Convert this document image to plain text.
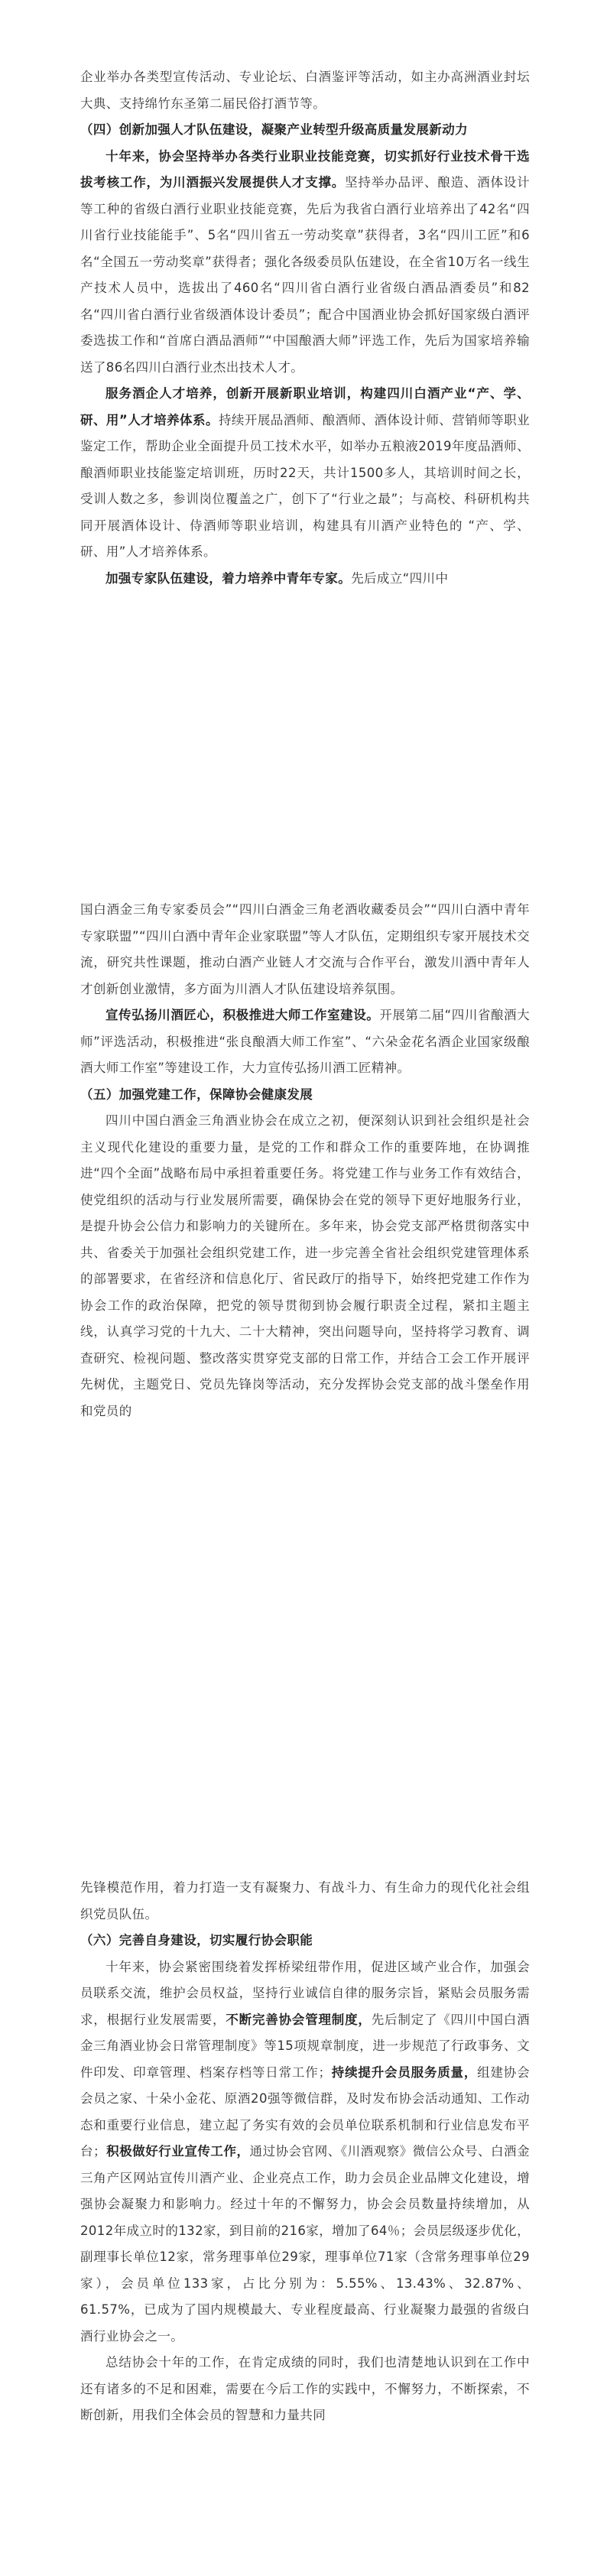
企业举办各类型宣传活动、专业论坛、白酒鉴评等活动，如主办高洲酒业封坛大典、支持绵竹东圣第二届民俗打酒节等。

（四）创新加强人才队伍建设，凝聚产业转型升级高质量发展新动力

十年来，协会坚持举办各类行业职业技能竞赛，切实抓好行业技术骨干选拔考核工作，为川酒振兴发展提供人才支撑。坚持举办品评、酿造、酒体设计等工种的省级白酒行业职业技能竞赛，先后为我省白酒行业培养出了42名“四川省行业技能能手”、5名“四川省五一劳动奖章”获得者，3名“四川工匠”和6名“全国五一劳动奖章”获得者；强化各级委员队伍建设，在全省10万名一线生产技术人员中，选拔出了460名“四川省白酒行业省级白酒品酒委员”和82名“四川省白酒行业省级酒体设计委员”；配合中国酒业协会抓好国家级白酒评委选拔工作和“首席白酒品酒师”“中国酿酒大师”评选工作，先后为国家培养输送了86名四川白酒行业杰出技术人才。

服务酒企人才培养，创新开展新职业培训，构建四川白酒产业“产、学、研、用”人才培养体系。持续开展品酒师、酿酒师、酒体设计师、营销师等职业鉴定工作，帮助企业全面提升员工技术水平，如举办五粮液2019年度品酒师、酿酒师职业技能鉴定培训班，历时22天，共计1500多人，其培训时间之长，受训人数之多，参训岗位覆盖之广，创下了“行业之最”；与高校、科研机构共同开展酒体设计、侍酒师等职业培训，构建具有川酒产业特色的 “产、学、研、用”人才培养体系。

加强专家队伍建设，着力培养中青年专家。先后成立“四川中

国白酒金三角专家委员会”“四川白酒金三角老酒收藏委员会”“四川白酒中青年专家联盟”“四川白酒中青年企业家联盟”等人才队伍，定期组织专家开展技术交流，研究共性课题，推动白酒产业链人才交流与合作平台，激发川酒中青年人才创新创业激情，多方面为川酒人才队伍建设培养氛围。

宣传弘扬川酒匠心，积极推进大师工作室建设。开展第二届“四川省酿酒大师”评选活动，积极推进“张良酿酒大师工作室”、“六朵金花名酒企业国家级酿酒大师工作室”等建设工作，大力宣传弘扬川酒工匠精神。

（五）加强党建工作，保障协会健康发展

四川中国白酒金三角酒业协会在成立之初，便深刻认识到社会组织是社会主义现代化建设的重要力量，是党的工作和群众工作的重要阵地，在协调推进“四个全面”战略布局中承担着重要任务。将党建工作与业务工作有效结合，使党组织的活动与行业发展所需要，确保协会在党的领导下更好地服务行业，是提升协会公信力和影响力的关键所在。多年来，协会党支部严格贯彻落实中共、省委关于加强社会组织党建工作，进一步完善全省社会组织党建管理体系的部署要求，在省经济和信息化厅、省民政厅的指导下，始终把党建工作作为协会工作的政治保障，把党的领导贯彻到协会履行职责全过程，紧扣主题主线，认真学习党的十九大、二十大精神，突出问题导向，坚持将学习教育、调查研究、检视问题、整改落实贯穿党支部的日常工作，并结合工会工作开展评先树优，主题党日、党员先锋岗等活动，充分发挥协会党支部的战斗堡垒作用和党员的

先锋模范作用，着力打造一支有凝聚力、有战斗力、有生命力的现代化社会组织党员队伍。

（六）完善自身建设，切实履行协会职能

十年来，协会紧密围绕着发挥桥梁纽带作用，促进区域产业合作，加强会员联系交流，维护会员权益，坚持行业诚信自律的服务宗旨，紧贴会员服务需求，根据行业发展需要，不断完善协会管理制度，先后制定了《四川中国白酒金三角酒业协会日常管理制度》等15项规章制度，进一步规范了行政事务、文件印发、印章管理、档案存档等日常工作；持续提升会员服务质量，组建协会会员之家、十朵小金花、原酒20强等微信群，及时发布协会活动通知、工作动态和重要行业信息，建立起了务实有效的会员单位联系机制和行业信息发布平台；积极做好行业宣传工作，通过协会官网、《川酒观察》微信公众号、白酒金三角产区网站宣传川酒产业、企业亮点工作，助力会员企业品牌文化建设，增强协会凝聚力和影响力。经过十年的不懈努力，协会会员数量持续增加，从2012年成立时的132家，到目前的216家，增加了64％；会员层级逐步优化，副理事长单位12家，常务理事单位29家，理事单位71家（含常务理事单位29家），会员单位133家，占比分别为：5.55%、13.43%、32.87%、61.57%，已成为了国内规模最大、专业程度最高、行业凝聚力最强的省级白酒行业协会之一。

总结协会十年的工作，在肯定成绩的同时，我们也清楚地认识到在工作中还有诸多的不足和困难，需要在今后工作的实践中，不懈努力，不断探索，不断创新，用我们全体会员的智慧和力量共同
